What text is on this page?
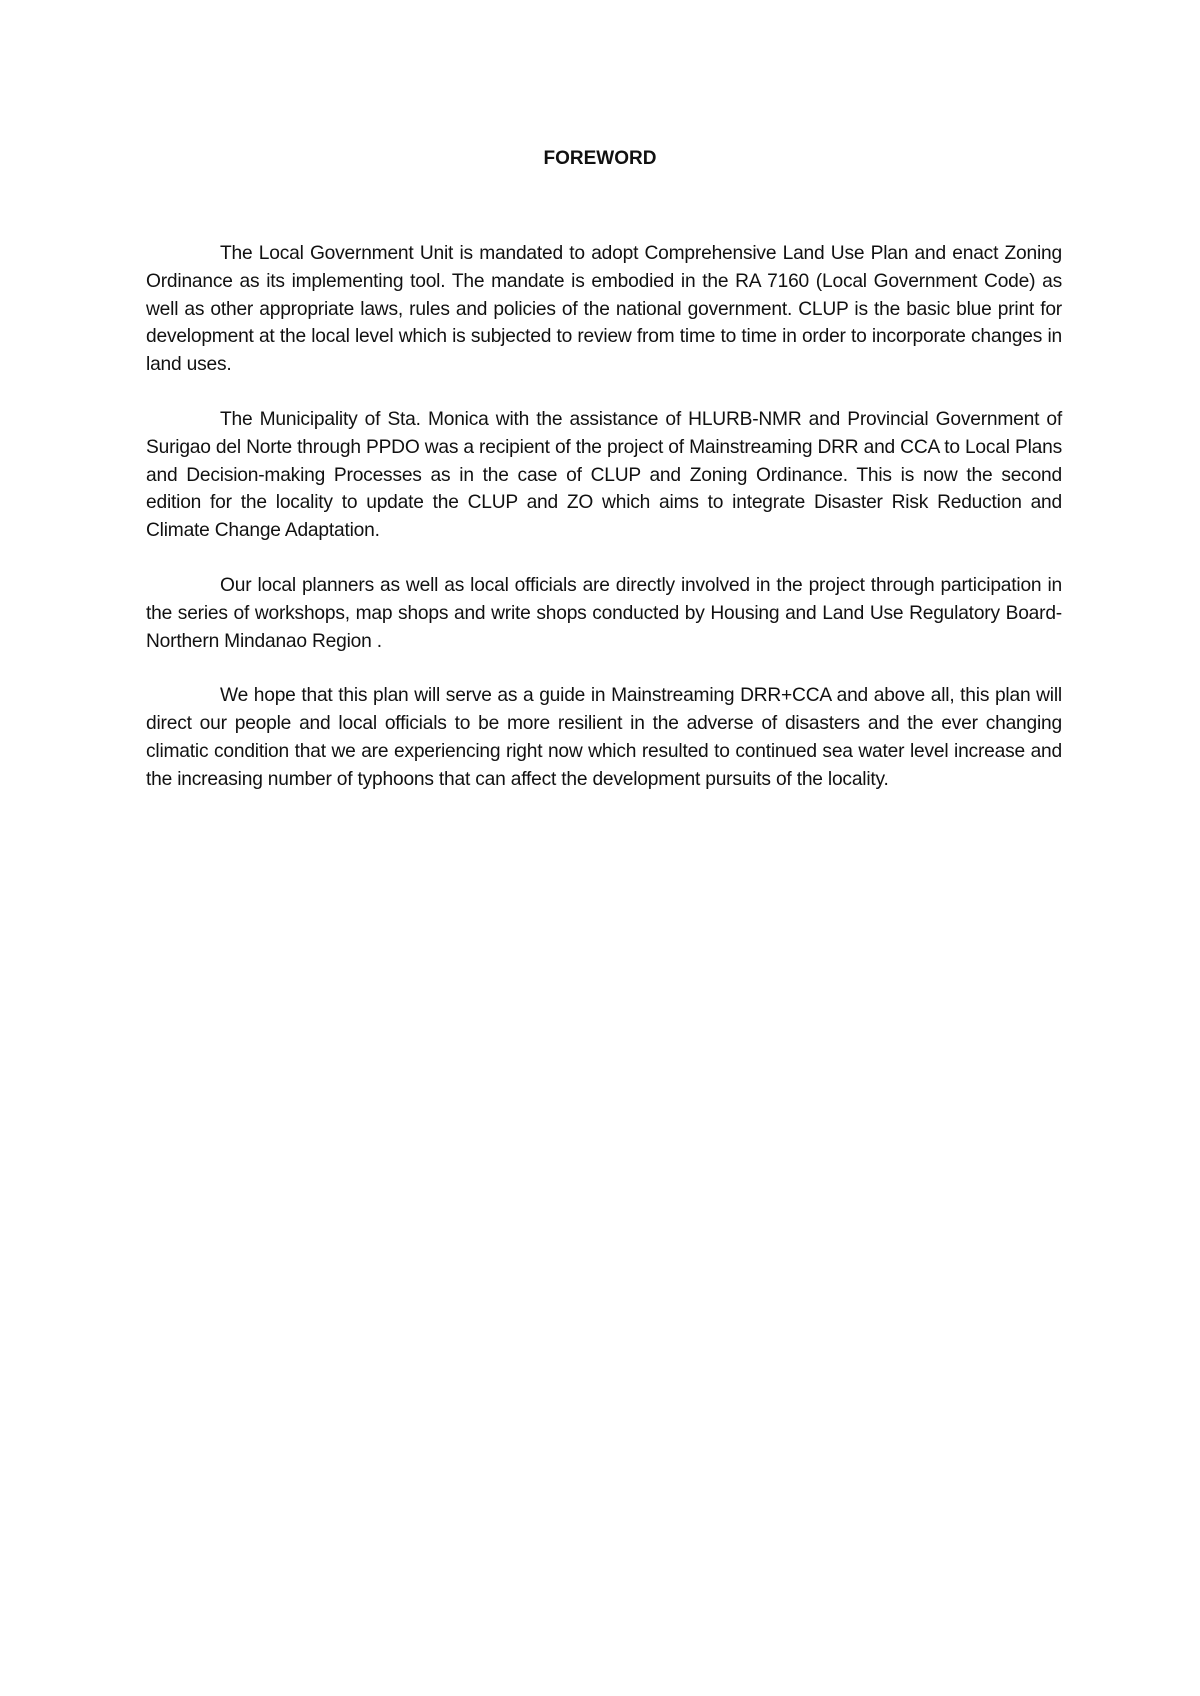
FOREWORD

The Local Government Unit is mandated to adopt Comprehensive Land Use Plan and enact Zoning Ordinance as its implementing tool. The mandate is embodied in the RA 7160 (Local Government Code) as well as other appropriate laws, rules and policies of the national government. CLUP is the basic blue print for development at the local level which is subjected to review from time to time in order to incorporate changes in land uses.

The Municipality of Sta. Monica with the assistance of HLURB-NMR and Provincial Government of Surigao del Norte through PPDO was a recipient of the project of Mainstreaming DRR and CCA to Local Plans and Decision-making Processes as in the case of CLUP and Zoning Ordinance. This is now the second edition for the locality to update the CLUP and ZO which aims to integrate Disaster Risk Reduction and Climate Change Adaptation.

Our local planners as well as local officials are directly involved in the project through participation in the series of workshops, map shops and write shops conducted by Housing and Land Use Regulatory Board-Northern Mindanao Region .

We hope that this plan will serve as a guide in Mainstreaming DRR+CCA and above all, this plan will direct our people and local officials to be more resilient in the adverse of disasters and the ever changing climatic condition that we are experiencing right now which resulted to continued sea water level increase and the increasing number of typhoons that can affect the development pursuits of the locality.
